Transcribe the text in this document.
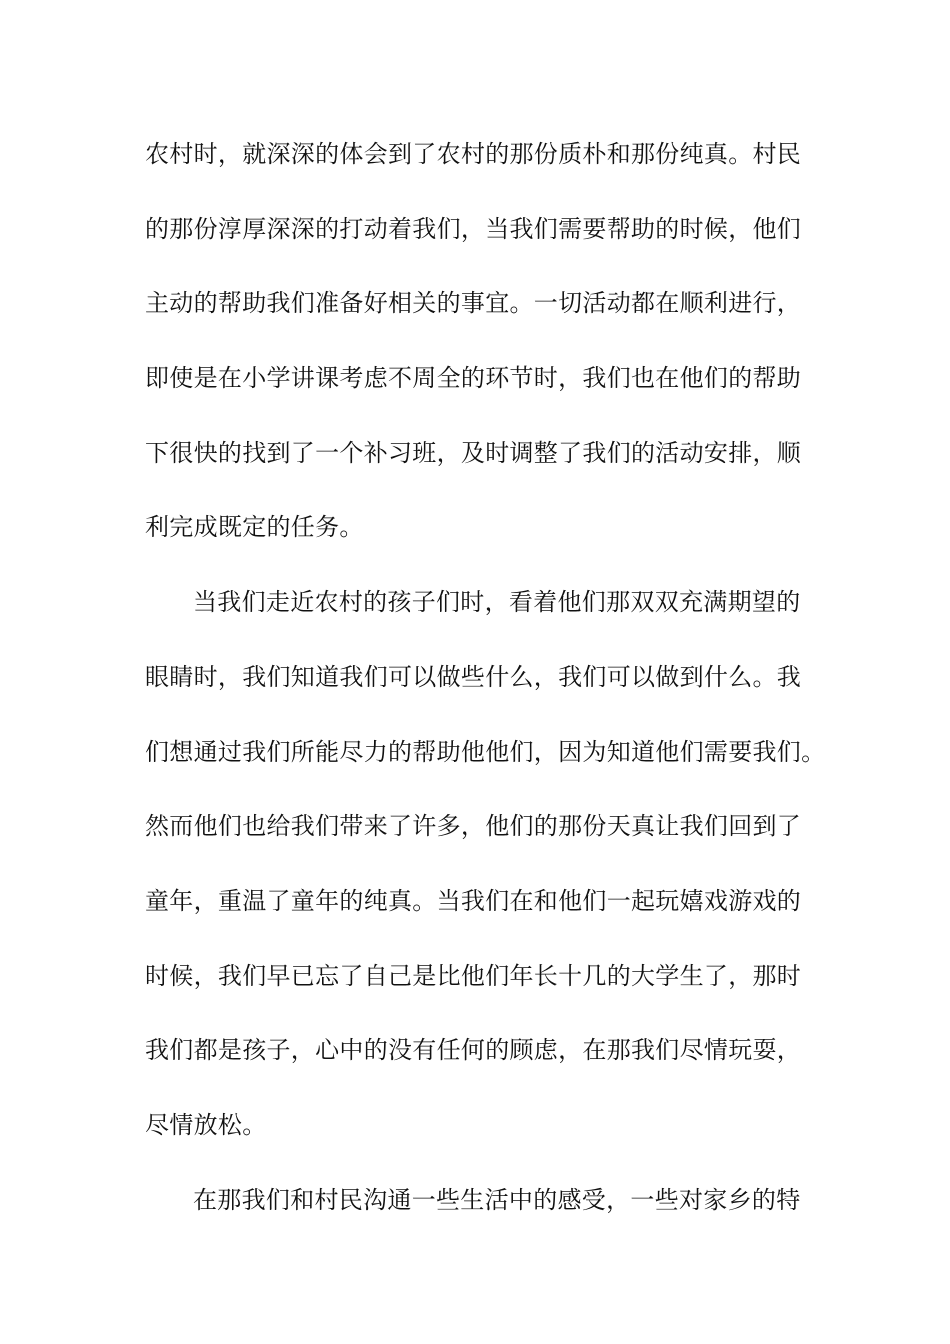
农村时，就深深的体会到了农村的那份质朴和那份纯真。村民
的那份淳厚深深的打动着我们，当我们需要帮助的时候，他们
主动的帮助我们准备好相关的事宜。一切活动都在顺利进行，
即使是在小学讲课考虑不周全的环节时，我们也在他们的帮助
下很快的找到了一个补习班，及时调整了我们的活动安排，顺
利完成既定的任务。
当我们走近农村的孩子们时，看着他们那双双充满期望的
眼睛时，我们知道我们可以做些什么，我们可以做到什么。我
们想通过我们所能尽力的帮助他他们，因为知道他们需要我们。
然而他们也给我们带来了许多，他们的那份天真让我们回到了
童年，重温了童年的纯真。当我们在和他们一起玩嬉戏游戏的
时候，我们早已忘了自己是比他们年长十几的大学生了，那时
我们都是孩子，心中的没有任何的顾虑，在那我们尽情玩耍，
尽情放松。
在那我们和村民沟通一些生活中的感受，一些对家乡的特
